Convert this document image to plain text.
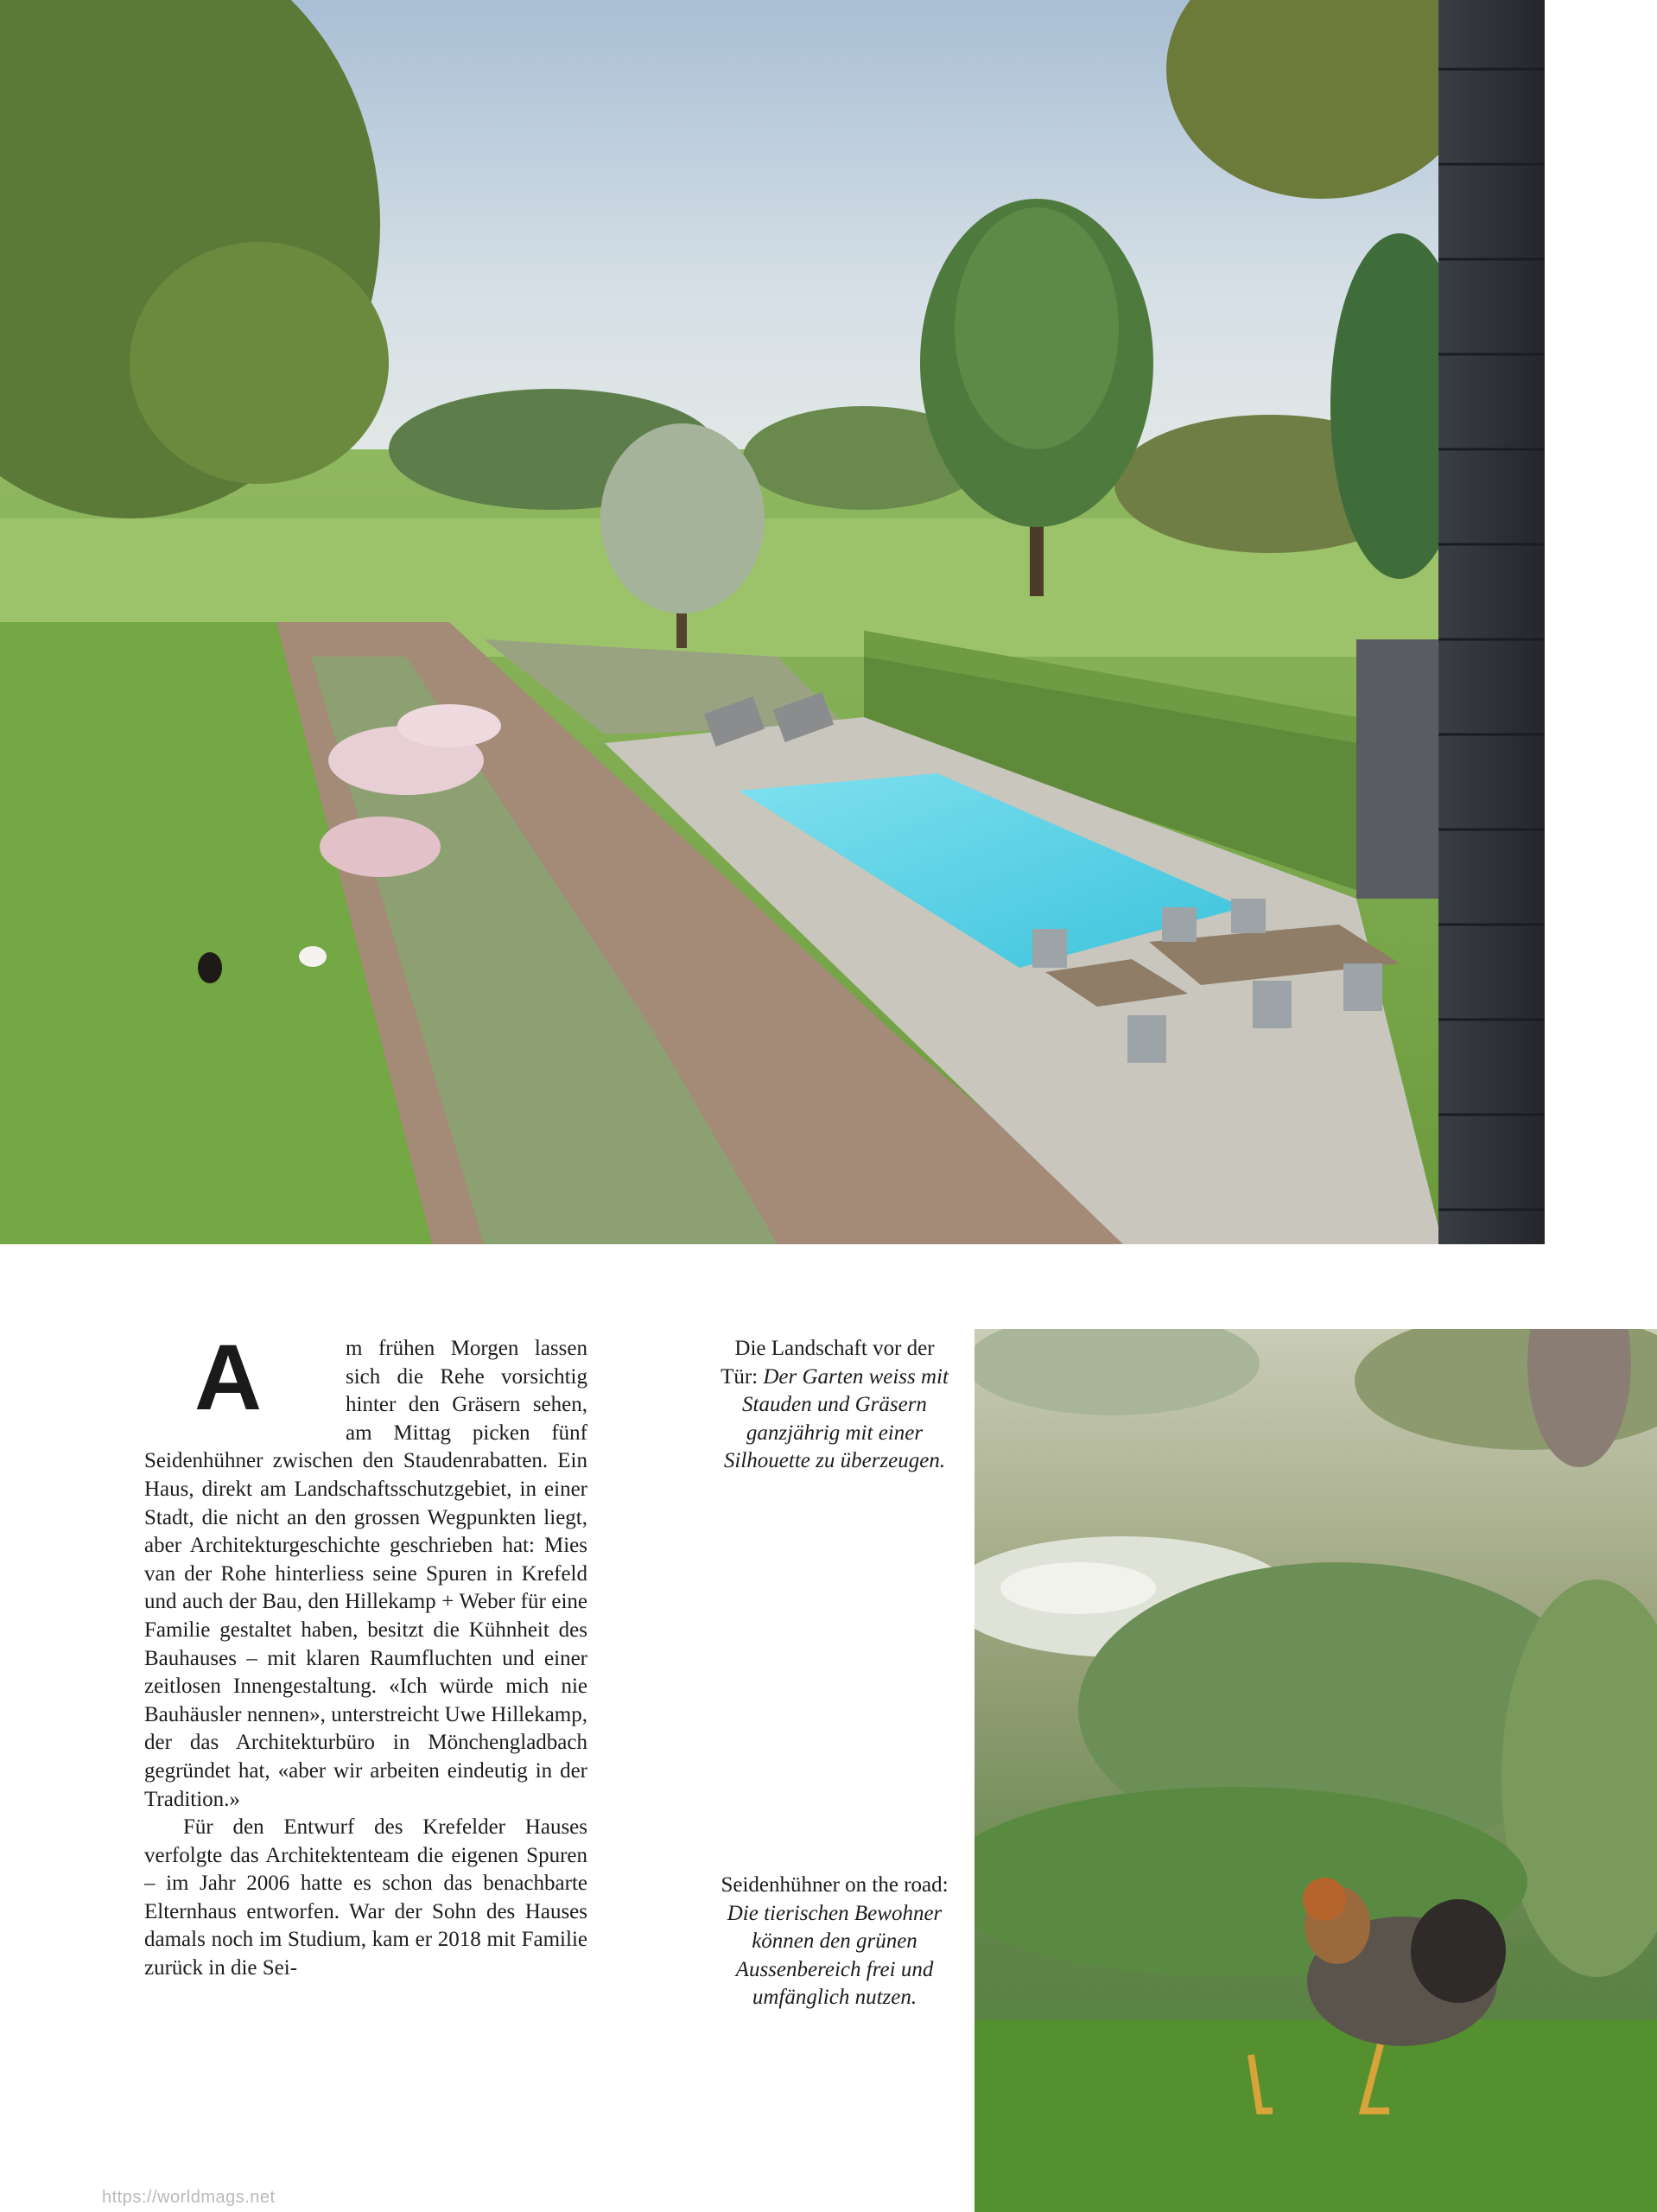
A	m frühen Morgen lassen sich die Rehe vorsichtig hinter den Gräsern sehen, am Mittag picken fünf Seidenhühner zwischen den Staudenrabatten. Ein Haus, direkt am Landschaftsschutzgebiet, in einer Stadt, die nicht an den grossen Wegpunkten liegt, aber Architekturgeschichte geschrieben hat: Mies van der Rohe hinterliess seine Spuren in Krefeld und auch der Bau, den Hillekamp + Weber für eine Familie gestaltet haben, besitzt die Kühnheit des Bauhauses – mit klaren Raumfluchten und einer zeitlosen Innengestaltung. «Ich würde mich nie Bauhäusler nennen», unterstreicht Uwe Hillekamp, der das Architekturbüro in Mönchengladbach gegründet hat, «aber wir arbeiten eindeutig in der Tradition.»

Für den Entwurf des Krefelder Hauses verfolgte das Architektenteam die eigenen Spuren – im Jahr 2006 hatte es schon das benachbarte Elternhaus entworfen. War der Sohn des Hauses damals noch im Studium, kam er 2018 mit Familie zurück in die Sei-

Die Landschaft vor der Tür: Der Garten weiss mit Stauden und Gräsern ganzjährig mit einer Silhouette zu überzeugen.
Seidenhühner on the road: Die tierischen Bewohner können den grünen Aussenbereich frei und umfänglich nutzen.
https://worldmags.net
